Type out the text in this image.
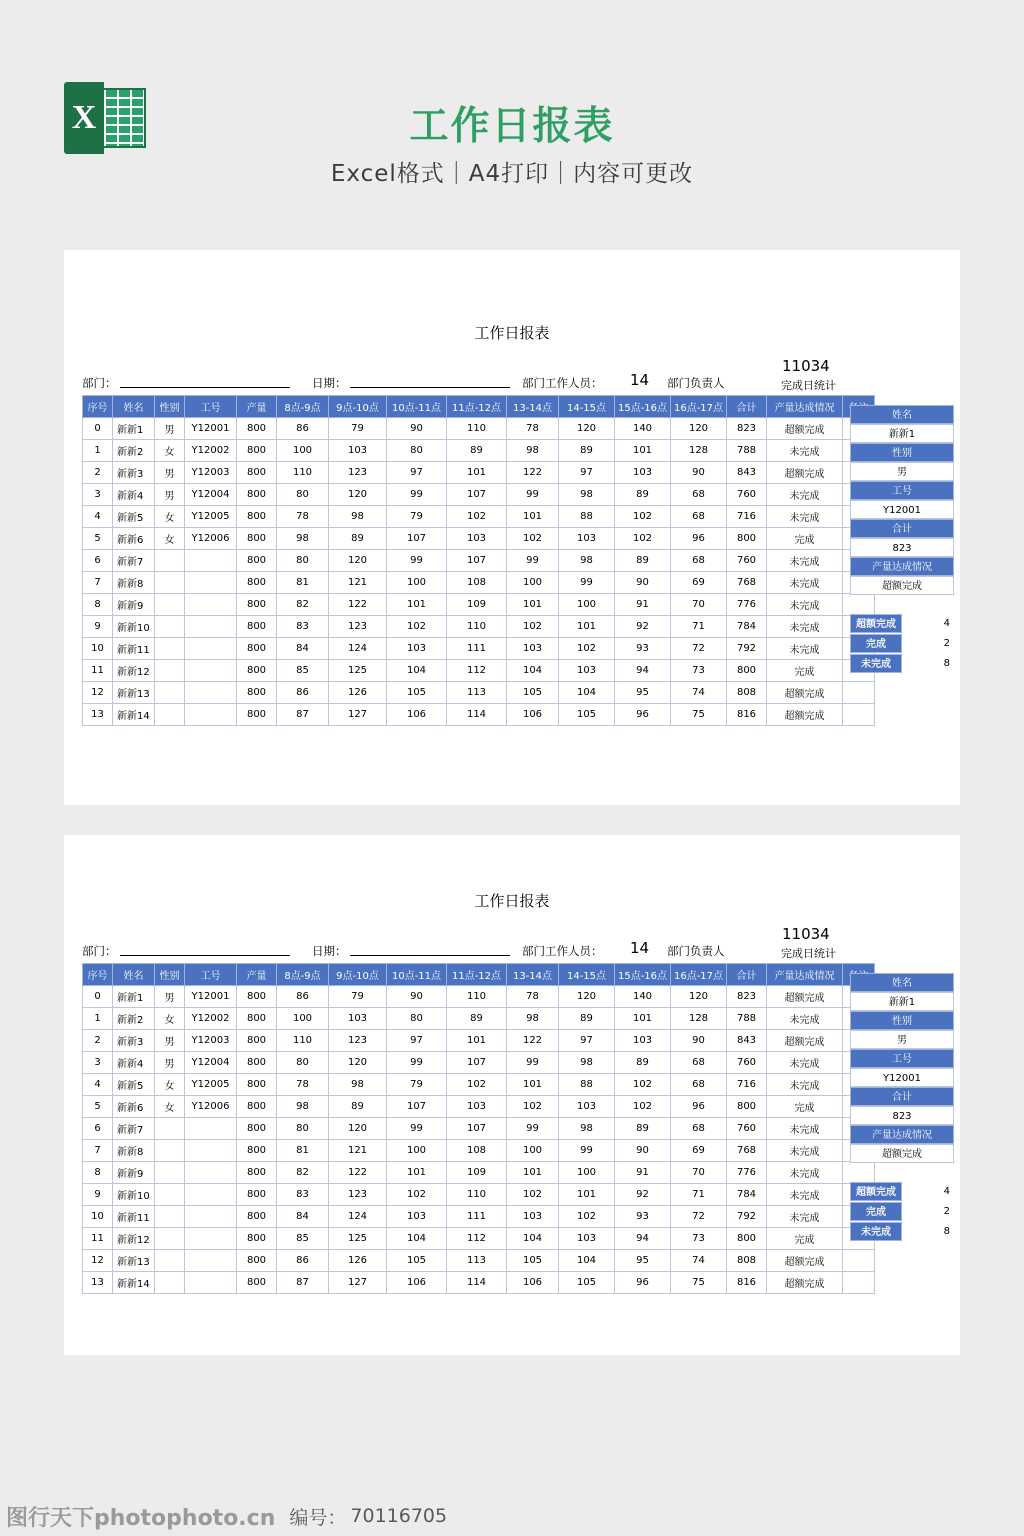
X	工作日报表
Excel格式｜A4打印｜内容可更改
工作日报表
部门：	日期：	部门工作人员： 14 部门负责人
11034
完成日统计
序号	姓名	性别	工号	产量	8点-9点	9点-10点	10点-11点	11点-12点	13-14点	14-15点	15点-16点	16点-17点	合计	产量达成情况	
0	新新1	男	Y12001	800	86	79	90	110	78	120	140	120	823	超额完成	
1	新新2	女	Y12002	800	100	103	80	89	98	89	101	128	788	未完成	
2	新新3	男	Y12003	800	110	123	97	101	122	97	103	90	843	超额完成	
3	新新4	男	Y12004	800	80	120	99	107	99	98	89	68	760	未完成	
4	新新5	女	Y12005	800	78	98	79	102	101	88	102	68	716	未完成	
5	新新6	女	Y12006	800	98	89	107	103	102	103	102	96	800	完成	
6	新新7			800	80	120	99	107	99	98	89	68	760	未完成	
7	新新8			800	81	121	100	108	100	99	90	69	768	未完成	
8	新新9			800	82	122	101	109	101	100	91	70	776	未完成	
9	新新10			800	83	123	102	110	102	101	92	71	784	未完成	
10	新新11			800	84	124	103	111	103	102	93	72	792	未完成	
11	新新12			800	85	125	104	112	104	103	94	73	800	完成	
12	新新13			800	86	126	105	113	105	104	95	74	808	超额完成	
13	新新14			800	87	127	106	114	106	105	96	75	816	超额完成	
姓名
新新1
性别
男
工号
Y12001
合计
823
产量达成情况
超额完成
超额完成	4
完成	2
未完成	8
工作日报表
部门：	日期：	部门工作人员： 14 部门负责人
11034
完成日统计
序号	姓名	性别	工号	产量	8点-9点	9点-10点	10点-11点	11点-12点	13-14点	14-15点	15点-16点	16点-17点	合计	产量达成情况	
0	新新1	男	Y12001	800	86	79	90	110	78	120	140	120	823	超额完成	
1	新新2	女	Y12002	800	100	103	80	89	98	89	101	128	788	未完成	
2	新新3	男	Y12003	800	110	123	97	101	122	97	103	90	843	超额完成	
3	新新4	男	Y12004	800	80	120	99	107	99	98	89	68	760	未完成	
4	新新5	女	Y12005	800	78	98	79	102	101	88	102	68	716	未完成	
5	新新6	女	Y12006	800	98	89	107	103	102	103	102	96	800	完成	
6	新新7			800	80	120	99	107	99	98	89	68	760	未完成	
7	新新8			800	81	121	100	108	100	99	90	69	768	未完成	
8	新新9			800	82	122	101	109	101	100	91	70	776	未完成	
9	新新10			800	83	123	102	110	102	101	92	71	784	未完成	
10	新新11			800	84	124	103	111	103	102	93	72	792	未完成	
11	新新12			800	85	125	104	112	104	103	94	73	800	完成	
12	新新13			800	86	126	105	113	105	104	95	74	808	超额完成	
13	新新14			800	87	127	106	114	106	105	96	75	816	超额完成	
姓名
新新1
性别
男
工号
Y12001
合计
823
产量达成情况
超额完成
超额完成	4
完成	2
未完成	8
图行天下photophoto.cn 编号： 70116705
